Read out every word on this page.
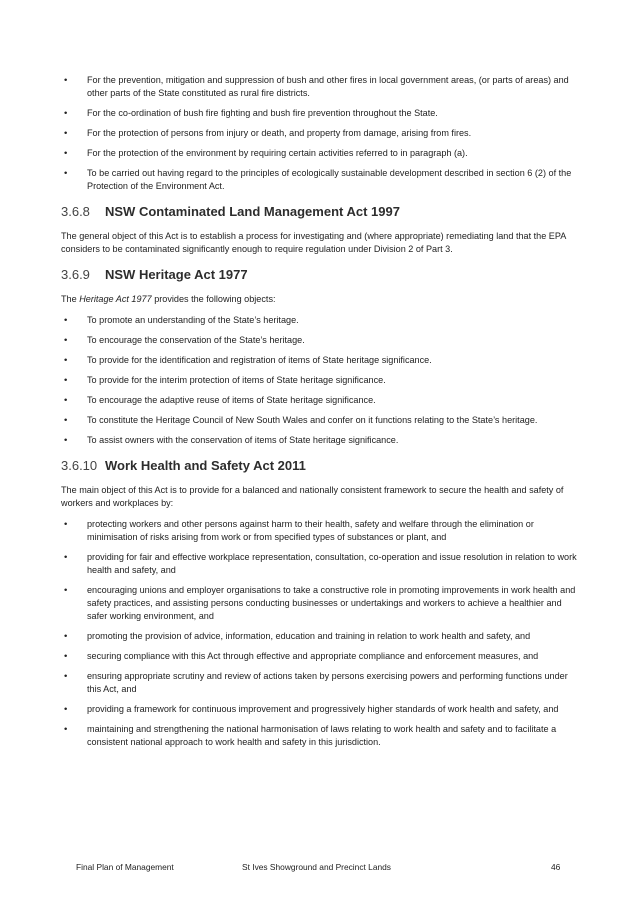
• For the prevention, mitigation and suppression of bush and other fires in local government areas, (or parts of areas) and other parts of the State constituted as rural fire districts.
• For the co-ordination of bush fire fighting and bush fire prevention throughout the State.
• For the protection of persons from injury or death, and property from damage, arising from fires.
• For the protection of the environment by requiring certain activities referred to in paragraph (a).
• To be carried out having regard to the principles of ecologically sustainable development described in section 6 (2) of the Protection of the Environment Act.
3.6.8 NSW Contaminated Land Management Act 1997

The general object of this Act is to establish a process for investigating and (where appropriate) remediating land that the EPA considers to be contaminated significantly enough to require regulation under Division 2 of Part 3.

3.6.9 NSW Heritage Act 1977

The Heritage Act 1977 provides the following objects:

• To promote an understanding of the State’s heritage.
• To encourage the conservation of the State’s heritage.
• To provide for the identification and registration of items of State heritage significance.
• To provide for the interim protection of items of State heritage significance.
• To encourage the adaptive reuse of items of State heritage significance.
• To constitute the Heritage Council of New South Wales and confer on it functions relating to the State’s heritage.
• To assist owners with the conservation of items of State heritage significance.
3.6.10 Work Health and Safety Act 2011

The main object of this Act is to provide for a balanced and nationally consistent framework to secure the health and safety of workers and workplaces by:

• protecting workers and other persons against harm to their health, safety and welfare through the elimination or minimisation of risks arising from work or from specified types of substances or plant, and
• providing for fair and effective workplace representation, consultation, co-operation and issue resolution in relation to work health and safety, and
• encouraging unions and employer organisations to take a constructive role in promoting improvements in work health and safety practices, and assisting persons conducting businesses or undertakings and workers to achieve a healthier and safer working environment, and
• promoting the provision of advice, information, education and training in relation to work health and safety, and
• securing compliance with this Act through effective and appropriate compliance and enforcement measures, and
• ensuring appropriate scrutiny and review of actions taken by persons exercising powers and performing functions under this Act, and
• providing a framework for continuous improvement and progressively higher standards of work health and safety, and
• maintaining and strengthening the national harmonisation of laws relating to work health and safety and to facilitate a consistent national approach to work health and safety in this jurisdiction.
Final Plan of Management	St Ives Showground and Precinct Lands	46
